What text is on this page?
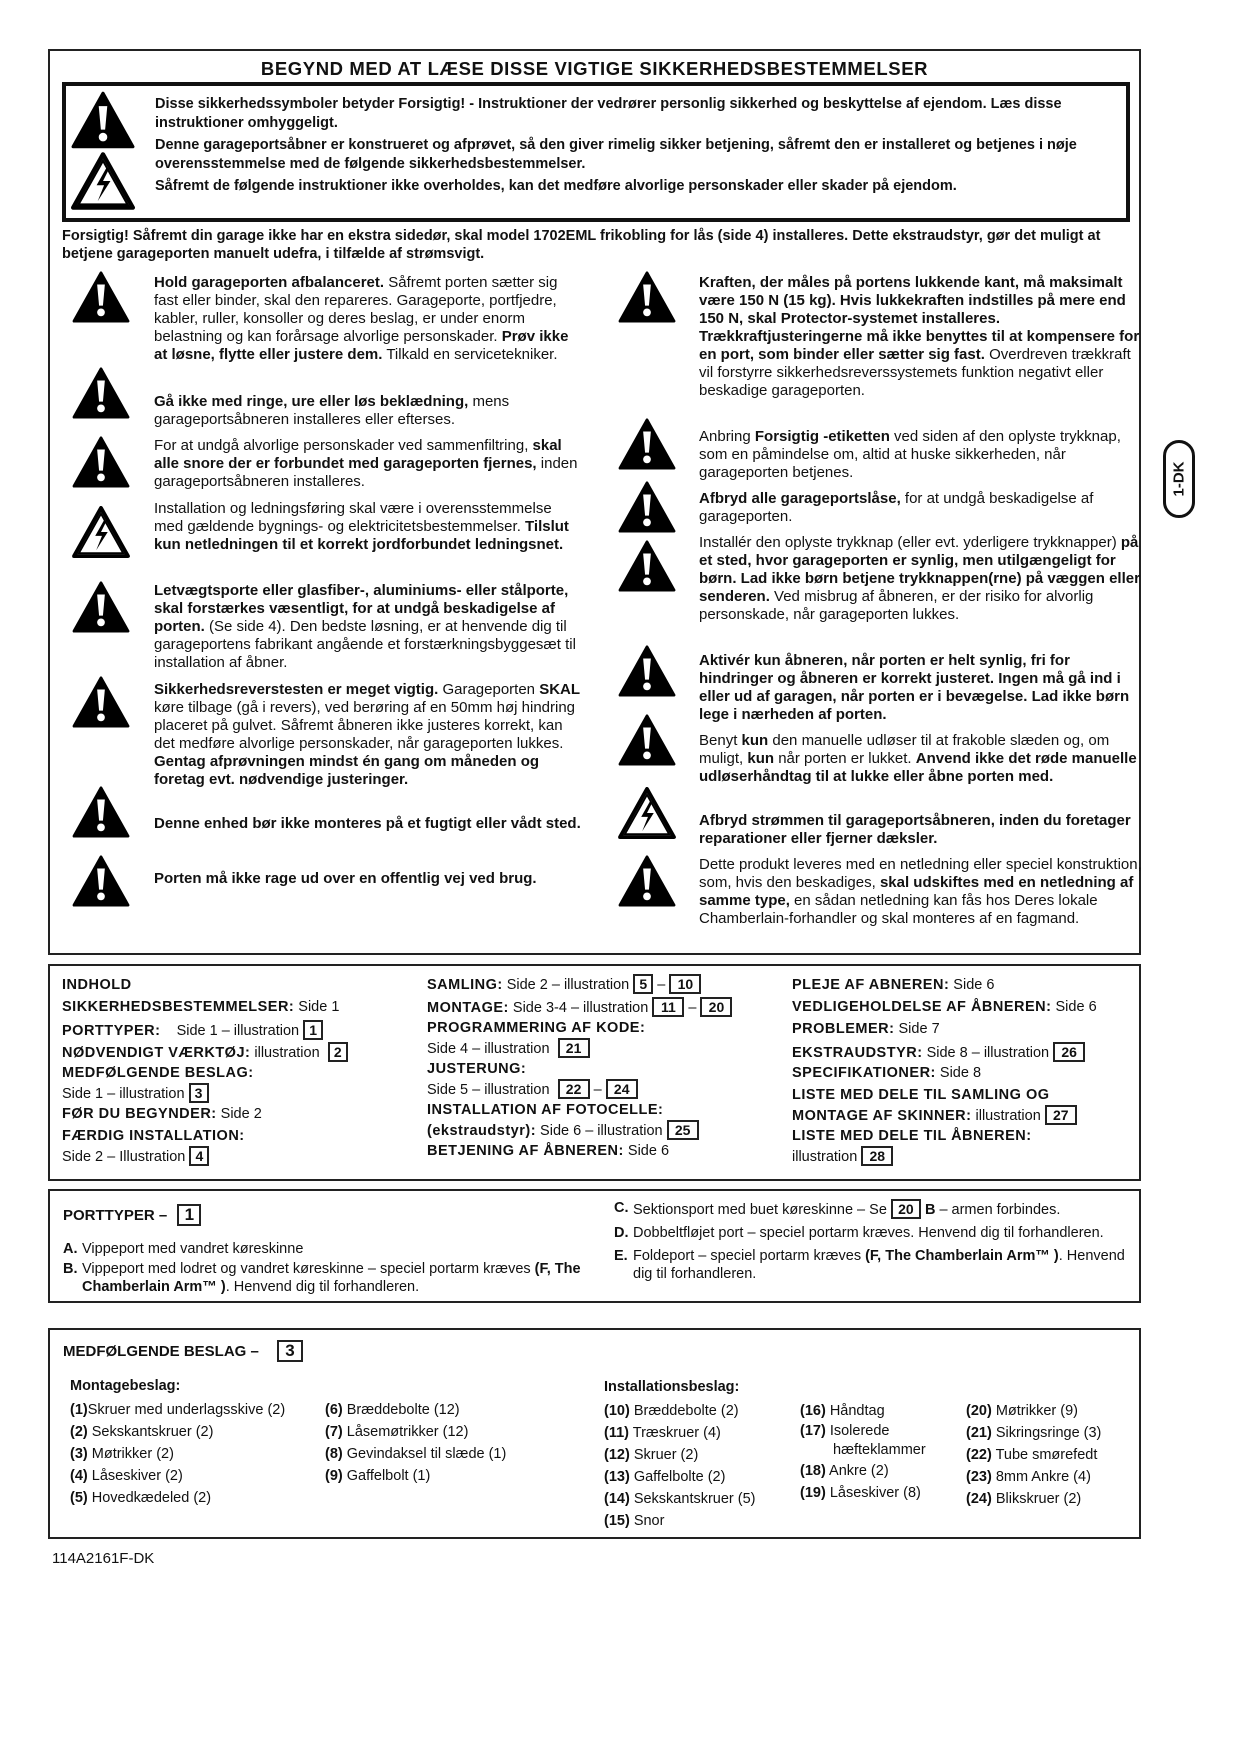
BEGYND MED AT LÆSE DISSE VIGTIGE SIKKERHEDSBESTEMMELSER
Disse sikkerhedssymboler betyder Forsigtig! - Instruktioner der vedrører personlig sikkerhed og beskyttelse af ejendom. Læs disse instruktioner omhyggeligt.
Denne garageportsåbner er konstrueret og afprøvet, så den giver rimelig sikker betjening, såfremt den er installeret og betjenes i nøje overensstemmelse med de følgende sikkerhedsbestemmelser.
Såfremt de følgende instruktioner ikke overholdes, kan det medføre alvorlige personskader eller skader på ejendom.
Forsigtig! Såfremt din garage ikke har en ekstra sidedør, skal model 1702EML frikobling for lås (side 4) installeres. Dette ekstraudstyr, gør det muligt at betjene garageporten manuelt udefra, i tilfælde af strømsvigt.
Hold garageporten afbalanceret. Såfremt porten sætter sig fast eller binder, skal den repareres. Garageporte, portfjedre, kabler, ruller, konsoller og deres beslag, er under enorm belastning og kan forårsage alvorlige personskader. Prøv ikke at løsne, flytte eller justere dem. Tilkald en servicetekniker.
Gå ikke med ringe, ure eller løs beklædning, mens garageportsåbneren installeres eller efterses.
For at undgå alvorlige personskader ved sammenfiltring, skal alle snore der er forbundet med garageporten fjernes, inden garageportsåbneren installeres.
Installation og ledningsføring skal være i overensstemmelse med gældende bygnings- og elektricitetsbestemmelser. Tilslut kun netledningen til et korrekt jordforbundet ledningsnet.
Letvægtsporte eller glasfiber-, aluminiums- eller stålporte, skal forstærkes væsentligt, for at undgå beskadigelse af porten. (Se side 4). Den bedste løsning, er at henvende dig til garageportens fabrikant angående et forstærkningsbyggesæt til installation af åbner.
Sikkerhedsreverstesten er meget vigtig. Garageporten SKAL køre tilbage (gå i revers), ved berøring af en 50mm høj hindring placeret på gulvet. Såfremt åbneren ikke justeres korrekt, kan det medføre alvorlige personskader, når garageporten lukkes. Gentag afprøvningen mindst én gang om måneden og foretag evt. nødvendige justeringer.
Denne enhed bør ikke monteres på et fugtigt eller vådt sted.
Porten må ikke rage ud over en offentlig vej ved brug.
Kraften, der måles på portens lukkende kant, må maksimalt være 150 N (15 kg). Hvis lukkekraften indstilles på mere end 150 N, skal Protector-systemet installeres. Trækkraftjusteringerne må ikke benyttes til at kompensere for en port, som binder eller sætter sig fast. Overdreven trækkraft vil forstyrre sikkerhedsreverssystemets funktion negativt eller beskadige garageporten.
Anbring Forsigtig -etiketten ved siden af den oplyste trykknap, som en påmindelse om, altid at huske sikkerheden, når garageporten betjenes.
Afbryd alle garageportslåse, for at undgå beskadigelse af garageporten.
Installér den oplyste trykknap (eller evt. yderligere trykknapper) på et sted, hvor garageporten er synlig, men utilgængeligt for børn. Lad ikke børn betjene trykknappen(rne) på væggen eller senderen. Ved misbrug af åbneren, er der risiko for alvorlig personskade, når garageporten lukkes.
Aktivér kun åbneren, når porten er helt synlig, fri for hindringer og åbneren er korrekt justeret. Ingen må gå ind i eller ud af garagen, når porten er i bevægelse. Lad ikke børn lege i nærheden af porten.
Benyt kun den manuelle udløser til at frakoble slæden og, om muligt, kun når porten er lukket. Anvend ikke det røde manuelle udløserhåndtag til at lukke eller åbne porten med.
Afbryd strømmen til garageportsåbneren, inden du foretager reparationer eller fjerner dæksler.
Dette produkt leveres med en netledning eller speciel konstruktion, som, hvis den beskadiges, skal udskiftes med en netledning af samme type, en sådan netledning kan fås hos Deres lokale Chamberlain-forhandler og skal monteres af en fagmand.
1-DK
INDHOLD
SIKKERHEDSBESTEMMELSER: Side 1
PORTTYPER:    Side 1 – illustration 1
NØDVENDIGT VÆRKTØJ: illustration  2
MEDFØLGENDE BESLAG:
Side 1 – illustration 3
FØR DU BEGYNDER: Side 2
FÆRDIG INSTALLATION:
Side 2 – Illustration 4
SAMLING: Side 2 – illustration 5 – 10
MONTAGE: Side 3-4 – illustration 11 – 20
PROGRAMMERING AF KODE:
Side 4 – illustration  21
JUSTERUNG:
Side 5 – illustration  22 – 24
INSTALLATION AF FOTOCELLE:
(ekstraudstyr): Side 6 – illustration 25
BETJENING AF ÅBNEREN: Side 6
PLEJE AF ABNEREN: Side 6
VEDLIGEHOLDELSE AF ÅBNEREN: Side 6
PROBLEMER: Side 7
EKSTRAUDSTYR: Side 8 – illustration 26
SPECIFIKATIONER: Side 8
LISTE MED DELE TIL SAMLING OG
MONTAGE AF SKINNER: illustration 27
LISTE MED DELE TIL ÅBNEREN:
illustration 28
PORTTYPER – 1
A. Vippeport med vandret køreskinne
B. Vippeport med lodret og vandret køreskinne – speciel portarm kræves (F, The Chamberlain Arm™ ). Henvend dig til forhandleren.
C. Sektionsport med buet køreskinne – Se 20 B – armen forbindes.
D. Dobbeltfløjet port – speciel portarm kræves. Henvend dig til forhandleren.
E. Foldeport – speciel portarm kræves (F, The Chamberlain Arm™ ). Henvend dig til forhandleren.
MEDFØLGENDE BESLAG – 3
Montagebeslag:	Installationsbeslag:
(1)Skruer med underlagsskive (2)
(2) Sekskantskruer (2)
(3) Møtrikker (2)
(4) Låseskiver (2)
(5) Hovedkædeled (2)
(6) Bræddebolte (12)
(7) Låsemøtrikker (12)
(8) Gevindaksel til slæde (1)
(9) Gaffelbolt (1)
(10) Bræddebolte (2)
(11) Træskruer (4)
(12) Skruer (2)
(13) Gaffelbolte (2)
(14) Sekskantskruer (5)
(15) Snor
(16) Håndtag
(17) Isolerede
hæfteklammer
(18) Ankre (2)
(19) Låseskiver (8)
(20) Møtrikker (9)
(21) Sikringsringe (3)
(22) Tube smørefedt
(23) 8mm Ankre (4)
(24) Blikskruer (2)
114A2161F-DK
